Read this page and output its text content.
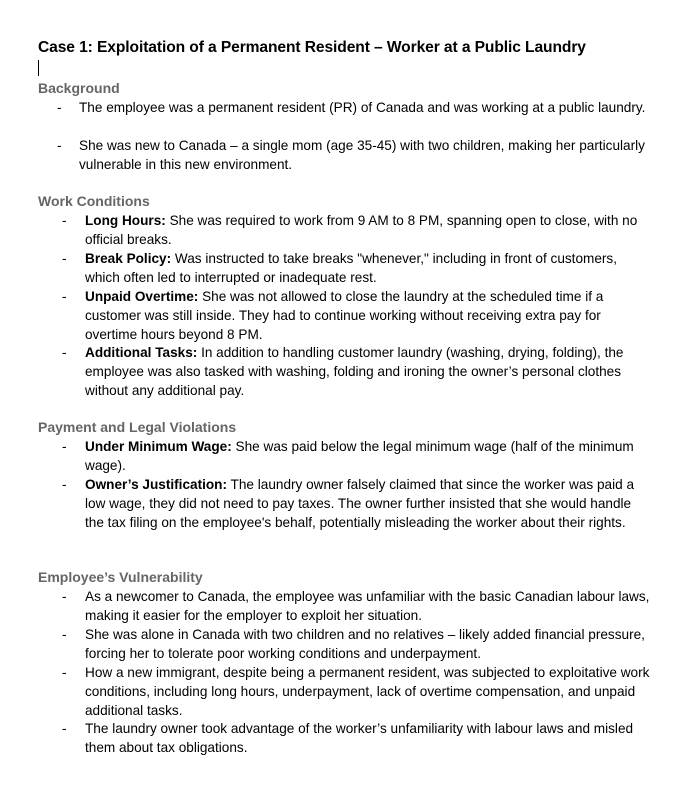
Case 1: Exploitation of a Permanent Resident – Worker at a Public Laundry
Background
- The employee was a permanent resident (PR) of Canada and was working at a public laundry.
- She was new to Canada – a single mom (age 35-45) with two children, making her particularly vulnerable in this new environment.
Work Conditions
- Long Hours: She was required to work from 9 AM to 8 PM, spanning open to close, with no official breaks.
- Break Policy: Was instructed to take breaks "whenever," including in front of customers, which often led to interrupted or inadequate rest.
- Unpaid Overtime: She was not allowed to close the laundry at the scheduled time if a customer was still inside. They had to continue working without receiving extra pay for overtime hours beyond 8 PM.
- Additional Tasks: In addition to handling customer laundry (washing, drying, folding), the employee was also tasked with washing, folding and ironing the owner’s personal clothes without any additional pay.
Payment and Legal Violations
- Under Minimum Wage: She was paid below the legal minimum wage (half of the minimum wage).
- Owner’s Justification: The laundry owner falsely claimed that since the worker was paid a low wage, they did not need to pay taxes. The owner further insisted that she would handle the tax filing on the employee's behalf, potentially misleading the worker about their rights.
Employee’s Vulnerability
- As a newcomer to Canada, the employee was unfamiliar with the basic Canadian labour laws, making it easier for the employer to exploit her situation.
- She was alone in Canada with two children and no relatives – likely added financial pressure, forcing her to tolerate poor working conditions and underpayment.
- How a new immigrant, despite being a permanent resident, was subjected to exploitative work conditions, including long hours, underpayment, lack of overtime compensation, and unpaid additional tasks.
- The laundry owner took advantage of the worker’s unfamiliarity with labour laws and misled them about tax obligations.
